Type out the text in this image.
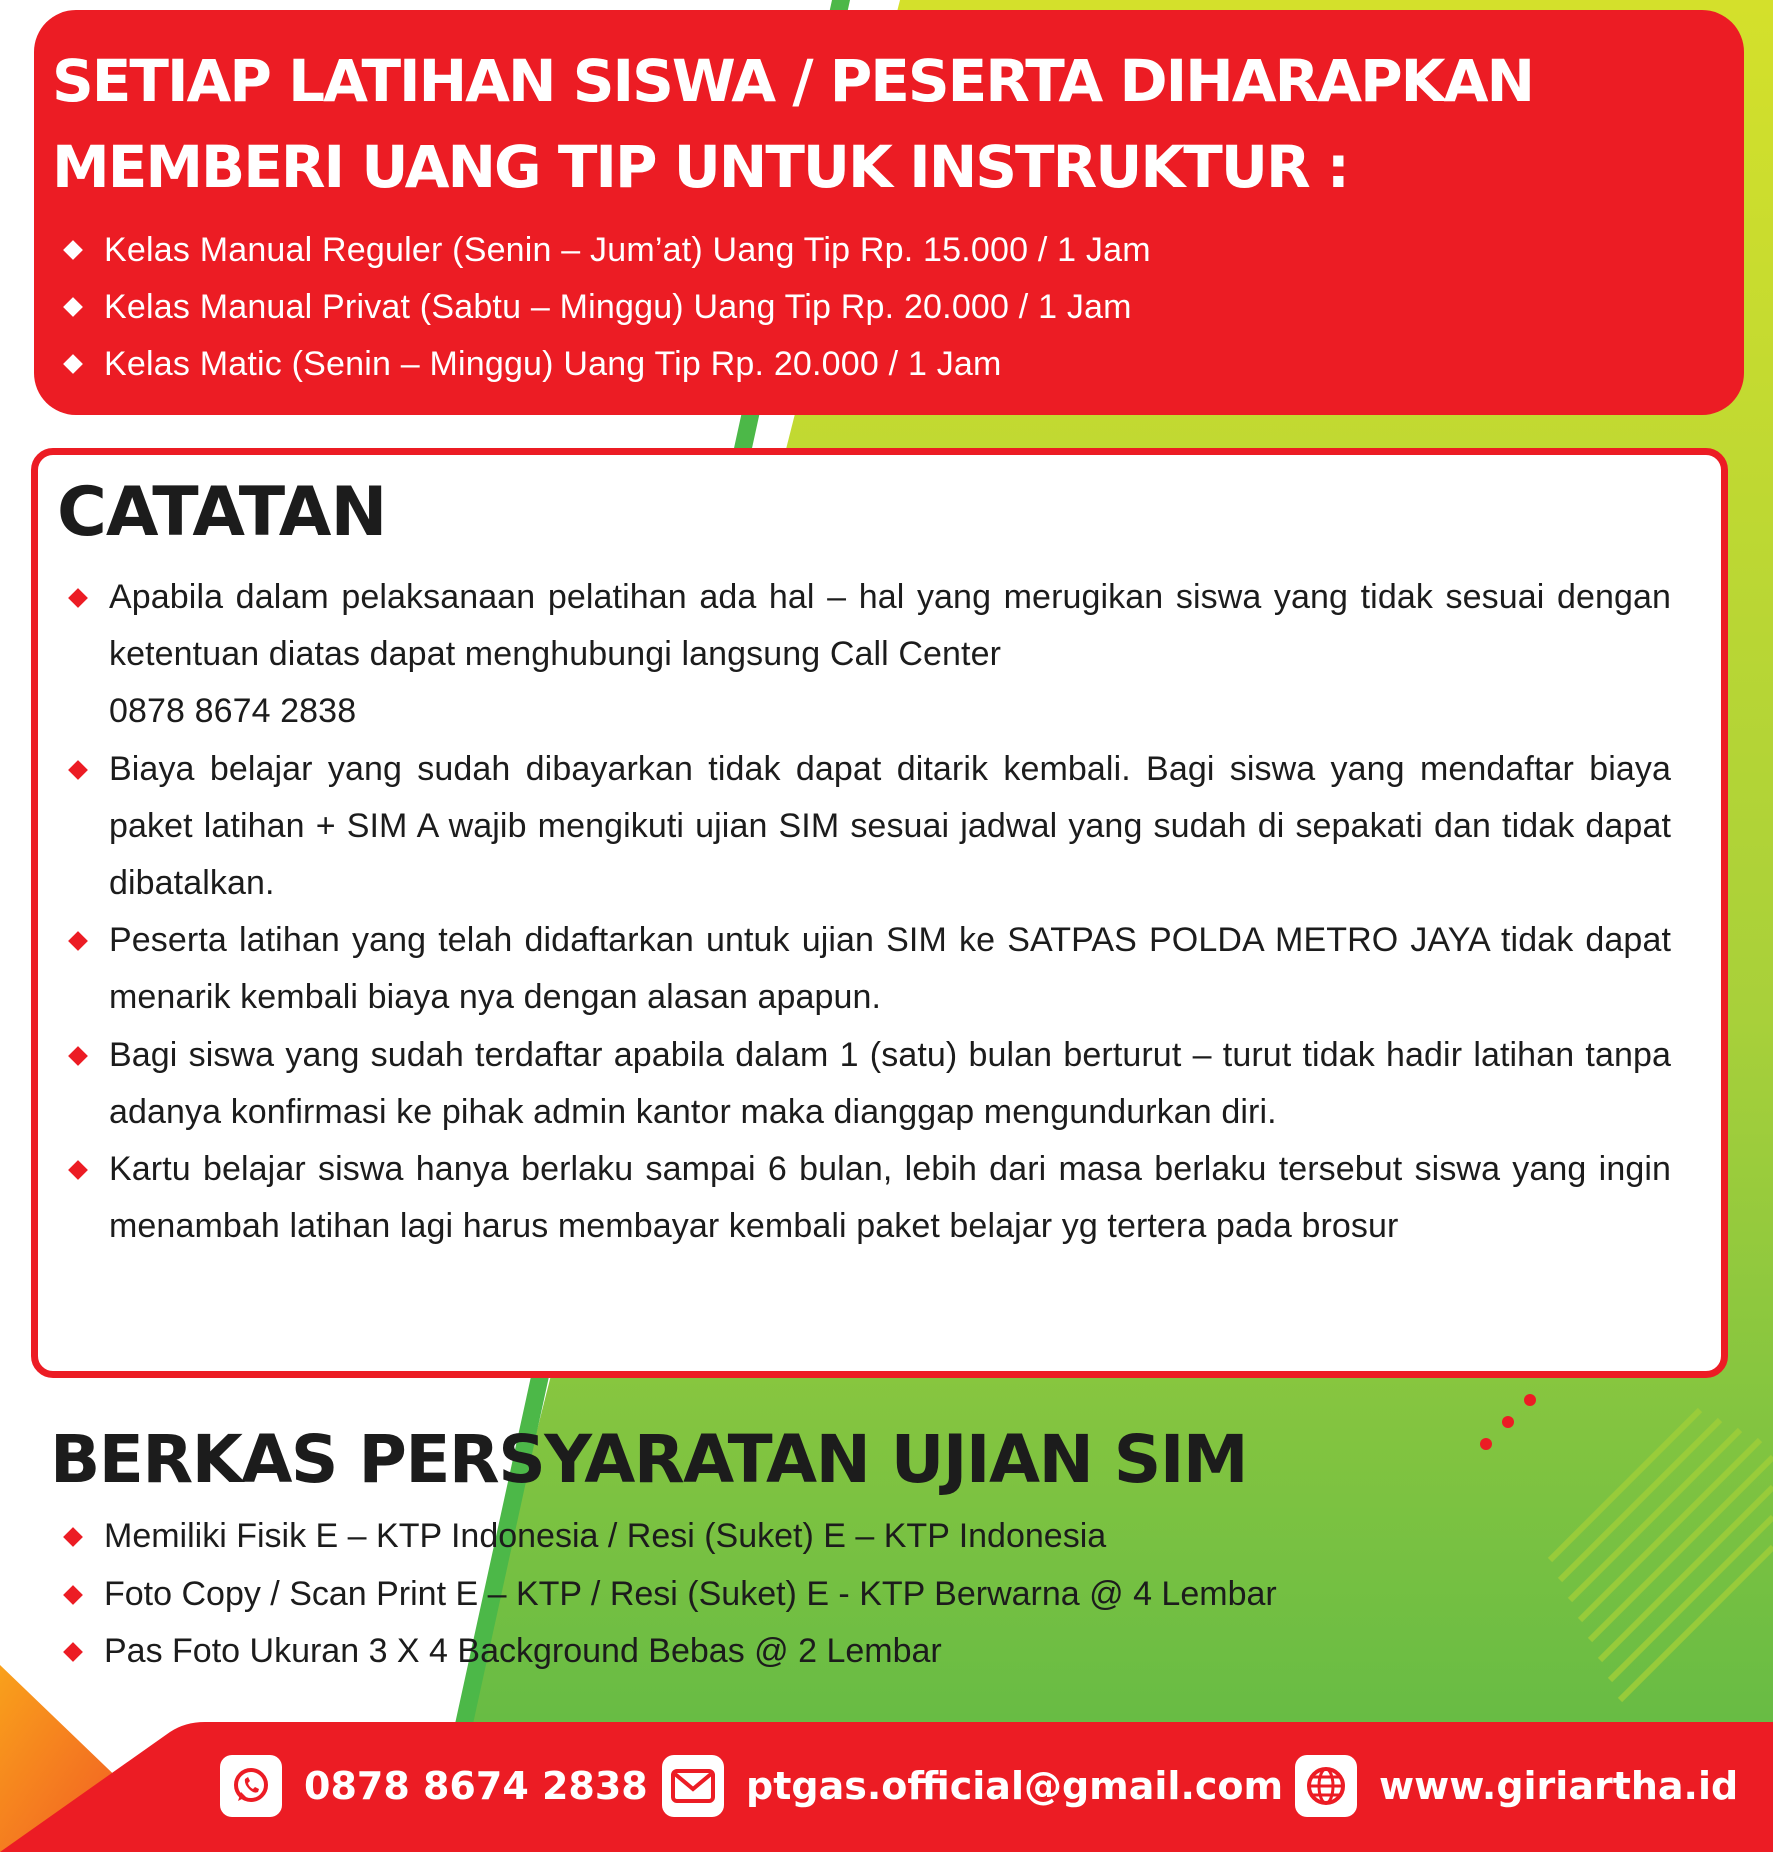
SETIAP LATIHAN SISWA / PESERTA DIHARAPKAN
MEMBERI UANG TIP UNTUK INSTRUKTUR :
Kelas Manual Reguler (Senin – Jum’at) Uang Tip Rp. 15.000 / 1 Jam
Kelas Manual Privat (Sabtu – Minggu) Uang Tip Rp. 20.000 / 1 Jam
Kelas Matic (Senin – Minggu) Uang Tip Rp. 20.000 / 1 Jam
CATATAN
Apabila dalam pelaksanaan pelatihan ada hal – hal yang merugikan siswa yang tidak sesuai dengan ketentuan diatas dapat menghubungi langsung Call Center
0878 8674 2838
Biaya belajar yang sudah dibayarkan tidak dapat ditarik kembali. Bagi siswa yang mendaftar biaya paket latihan + SIM A wajib mengikuti ujian SIM sesuai jadwal yang sudah di sepakati dan tidak dapat dibatalkan.
Peserta latihan yang telah didaftarkan untuk ujian SIM ke SATPAS POLDA METRO JAYA tidak dapat menarik kembali biaya nya dengan alasan apapun.
Bagi siswa yang sudah terdaftar apabila dalam 1 (satu) bulan berturut – turut tidak hadir latihan tanpa adanya konfirmasi ke pihak admin kantor maka dianggap mengundurkan diri.
Kartu belajar siswa hanya berlaku sampai 6 bulan, lebih dari masa berlaku tersebut siswa yang ingin menambah latihan lagi harus membayar kembali paket belajar yg tertera pada brosur
BERKAS PERSYARATAN UJIAN SIM
Memiliki Fisik E – KTP Indonesia / Resi (Suket) E – KTP Indonesia
Foto Copy / Scan Print E – KTP / Resi (Suket) E - KTP Berwarna @ 4 Lembar
Pas Foto Ukuran 3 X 4 Background Bebas @ 2 Lembar
0878 8674 2838	ptgas.official@gmail.com	www.giriartha.id
